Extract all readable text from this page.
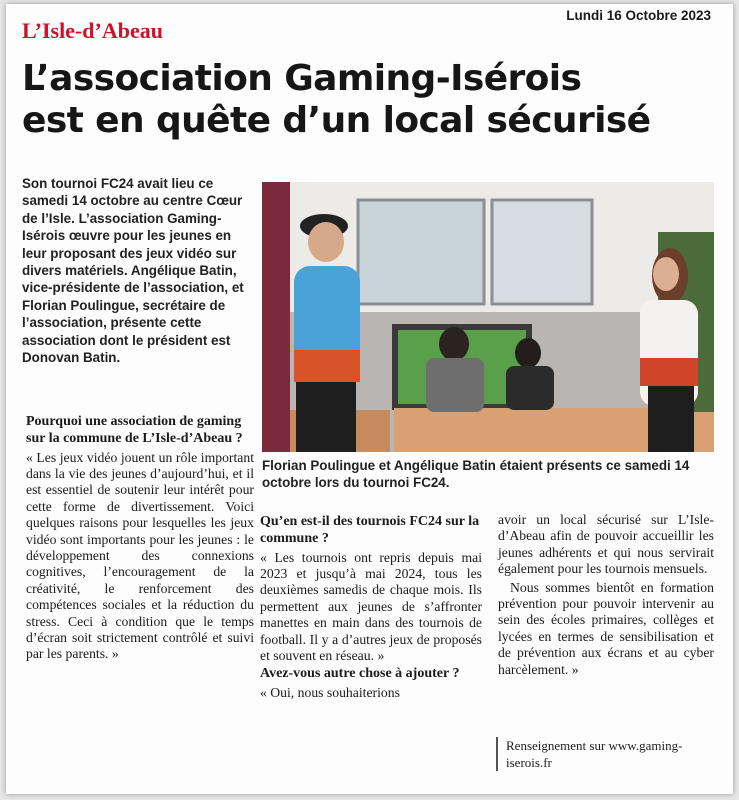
Lundi 16 Octobre 2023
L’Isle-d’Abeau
L’association Gaming-Isérois
est en quête d’un local sécurisé
Son tournoi FC24 avait lieu ce samedi 14 octobre au centre Cœur de l’Isle. L’association Gaming-Isérois œuvre pour les jeunes en leur proposant des jeux vidéo sur divers matériels. Angélique Batin, vice-présidente de l’association, et Florian Poulingue, secrétaire de l’association, présente cette association dont le président est Donovan Batin.
Florian Poulingue et Angélique Batin étaient présents ce samedi 14 octobre lors du tournoi FC24.

Pourquoi une association de gaming sur la commune de L’Isle-d’Abeau ?

« Les jeux vidéo jouent un rôle important dans la vie des jeunes d’aujourd’hui, et il est essentiel de soutenir leur intérêt pour cette forme de divertissement. Voici quelques raisons pour lesquelles les jeux vidéo sont importants pour les jeunes : le développement des connexions cognitives, l’encouragement de la créativité, le renforcement des compétences sociales et la réduction du stress. Ceci à condition que le temps d’écran soit strictement contrôlé et suivi par les parents. »

Qu’en est-il des tournois FC24 sur la commune ?

« Les tournois ont repris depuis mai 2023 et jusqu’à mai 2024, tous les deuxièmes samedis de chaque mois. Ils permettent aux jeunes de s’affronter manettes en main dans des tournois de football. Il y a d’autres jeux de proposés et souvent en réseau. »

Avez-vous autre chose à ajouter ?

« Oui, nous souhaiterions

avoir un local sécurisé sur L’Isle-d’Abeau afin de pouvoir accueillir les jeunes adhérents et qui nous servirait également pour les tournois mensuels.

Nous sommes bientôt en formation prévention pour pouvoir intervenir au sein des écoles primaires, collèges et lycées en termes de sensibilisation et de prévention aux écrans et au cyber harcèlement. »

Renseignement sur www.gaming-iserois.fr
